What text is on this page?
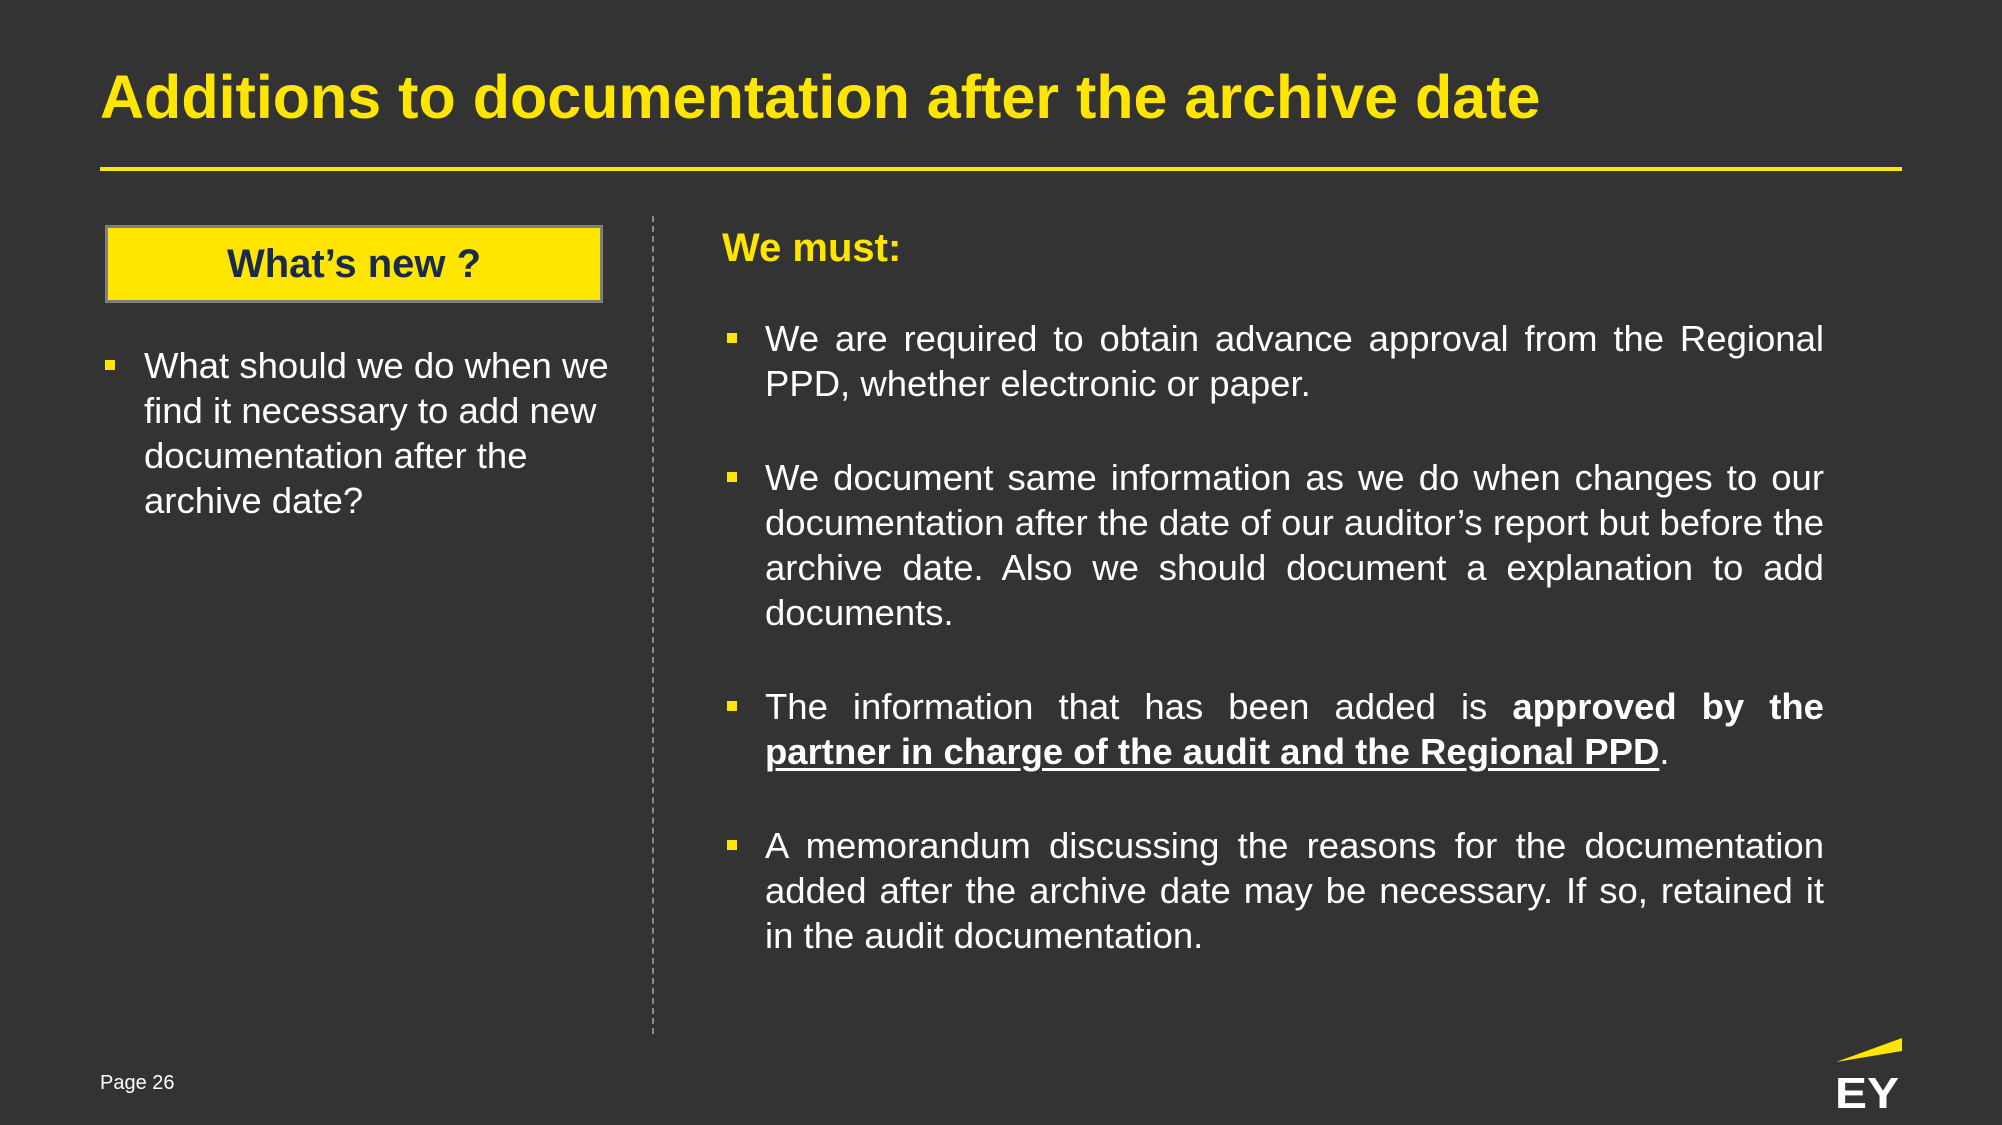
Additions to documentation after the archive date
What’s new ?
What should we do when we find it necessary to add new documentation after the archive date?
We must:
We are required to obtain advance approval from the Regional PPD, whether electronic or paper.
We document same information as we do when changes to our documentation after the date of our auditor’s report but before the archive date. Also we should document a explanation to add documents.
The information that has been added is approved by the partner in charge of the audit and the Regional PPD.
A memorandum discussing the reasons for the documentation added after the archive date may be necessary. If so, retained it in the audit documentation.
Page 26	EY
